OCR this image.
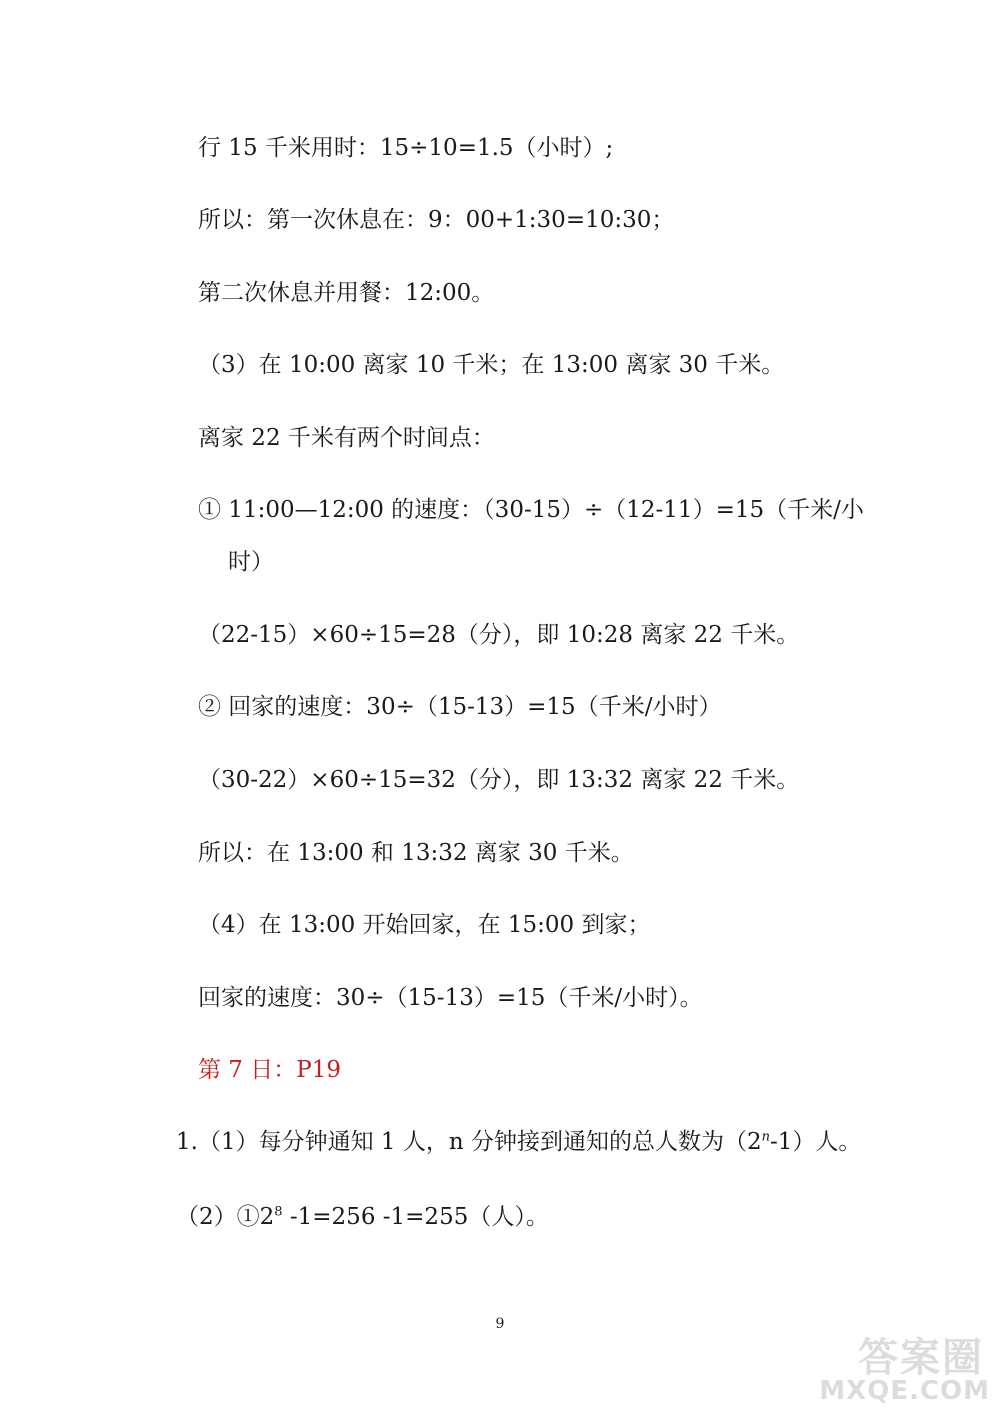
行 15 千米用时：15÷10=1.5（小时）;
所以：第一次休息在：9：00+1:30=10:30；
第二次休息并用餐：12:00。
（3）在 10:00 离家 10 千米；在 13:00 离家 30 千米。
离家 22 千米有两个时间点：
① 11:00—12:00 的速度：（30-15）÷（12-11）=15（千米/小
时）
（22-15）×60÷15=28（分），即 10:28 离家 22 千米。
② 回家的速度：30÷（15-13）=15（千米/小时）
（30-22）×60÷15=32（分），即 13:32 离家 22 千米。
所以：在 13:00 和 13:32 离家 30 千米。
（4）在 13:00 开始回家，在 15:00 到家；
回家的速度：30÷（15-13）=15（千米/小时）。
第 7 日：P19
1.（1）每分钟通知 1 人，n 分钟接到通知的总人数为（2$^n$-1）人。
$(2)①2^8$ -1=256 -1=255（人）。
9
答案圈
MXQE.COM
